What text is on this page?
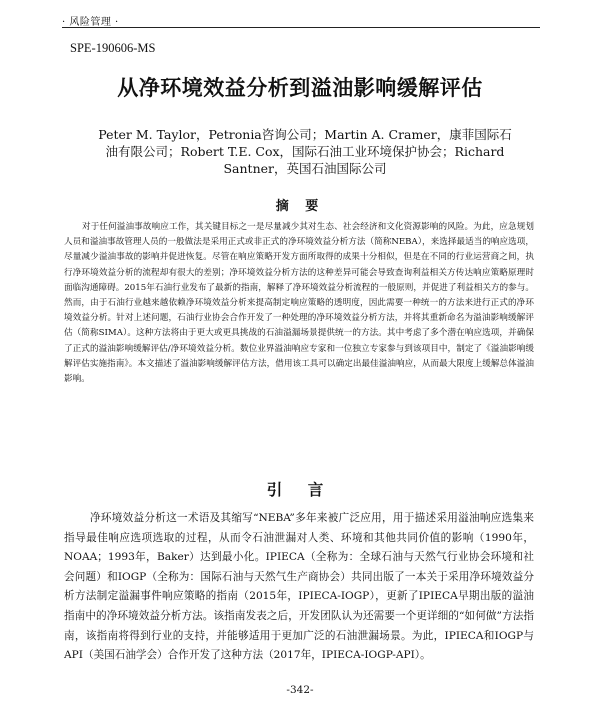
· 风险管理 ·
SPE-190606-MS
从净环境效益分析到溢油影响缓解评估
Peter M. Taylor，Petronia咨询公司；Martin A. Cramer，康菲国际石油有限公司；Robert T.E. Cox，国际石油工业环境保护协会；Richard Santner，英国石油国际公司
摘 要
对于任何溢油事故响应工作，其关键目标之一是尽量减少其对生态、社会经济和文化资源影响的风险。为此，应急规划人员和溢油事故管理人员的一般做法是采用正式或非正式的净环境效益分析方法（简称NEBA），来选择最适当的响应选项，尽量减少溢油事故的影响并促进恢复。尽管在响应策略开发方面所取得的成果十分相似，但是在不同的行业运营商之间，执行净环境效益分析的流程却有很大的差别；净环境效益分析方法的这种差异可能会导致查询利益相关方传达响应策略原理时面临沟通障碍。2015年石油行业发布了最新的指南，解释了净环境效益分析流程的一般原则，并促进了利益相关方的参与。然而，由于石油行业越来越依赖净环境效益分析来提高制定响应策略的透明度，因此需要一种统一的方法来进行正式的净环境效益分析。针对上述问题，石油行业协会合作开发了一种处理的净环境效益分析方法，并将其重新命名为溢油影响缓解评估（简称SIMA）。这种方法将由于更大或更具挑战的石油溢漏场景提供统一的方法。其中考虑了多个潜在响应选项，并确保了正式的溢油影响缓解评估/净环境效益分析。数位业界溢油响应专家和一位独立专家参与到该项目中，制定了《溢油影响缓解评估实施指南》。本文描述了溢油影响缓解评估方法，借用该工具可以确定出最佳溢油响应，从而最大限度上缓解总体溢油影响。
引 言
净环境效益分析这一术语及其缩写“NEBA”多年来被广泛应用，用于描述采用溢油响应选集来指导最佳响应选项选取的过程，从而令石油泄漏对人类、环境和其他共同价值的影响（1990年，NOAA；1993年，Baker）达到最小化。IPIECA（全称为：全球石油与天然气行业协会环境和社会问题）和IOGP（全称为：国际石油与天然气生产商协会）共同出版了一本关于采用净环境效益分析方法制定溢漏事件响应策略的指南（2015年，IPIECA-IOGP），更新了IPIECA早期出版的溢油指南中的净环境效益分析方法。该指南发表之后，开发团队认为还需要一个更详细的“如何做”方法指南，该指南将得到行业的支持，并能够适用于更加广泛的石油泄漏场景。为此，IPIECA和IOGP与API（美国石油学会）合作开发了这种方法（2017年，IPIECA-IOGP-API）。
-342-
